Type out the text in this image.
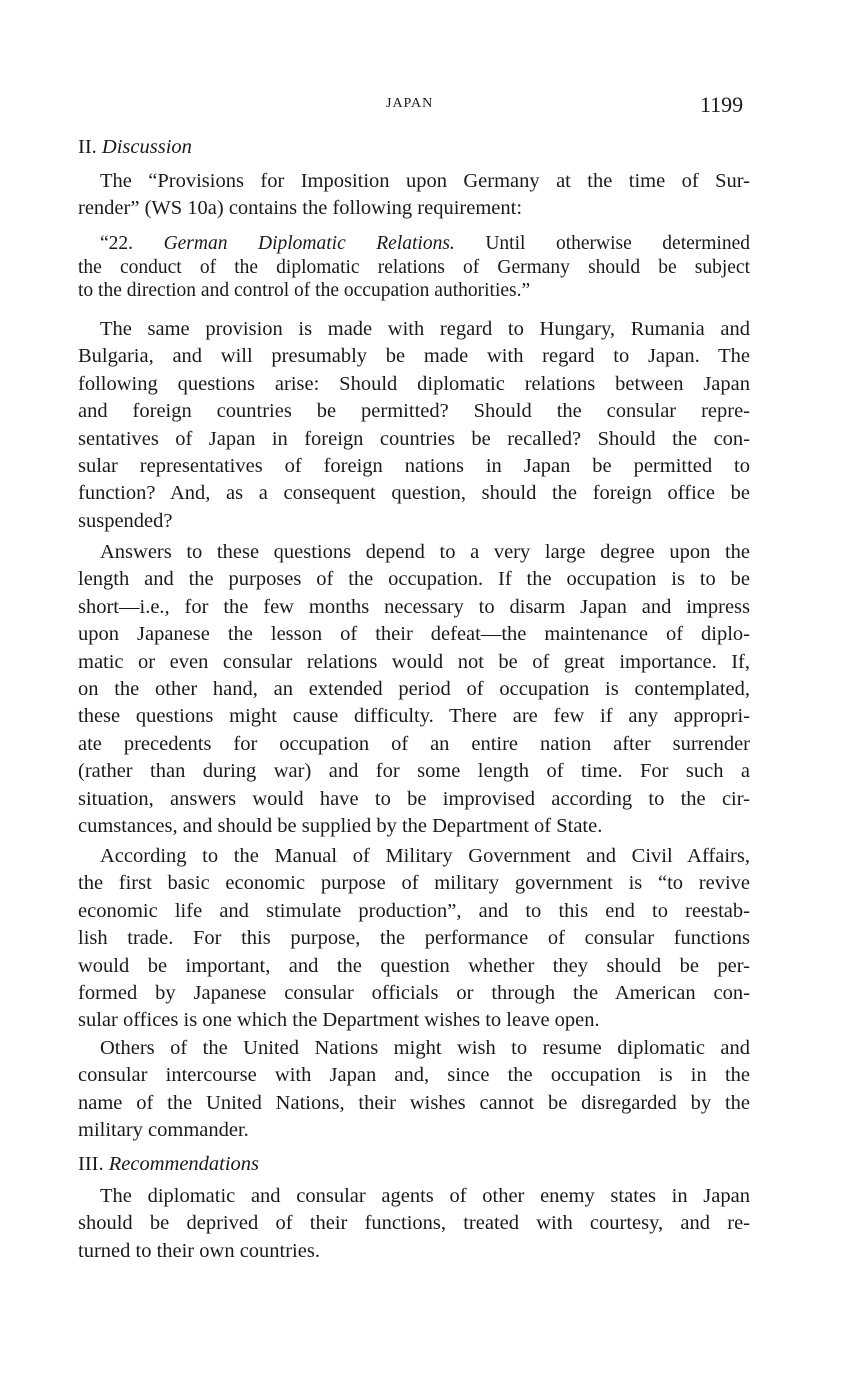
JAPAN	1199
II. Discussion
The “Provisions for Imposition upon Germany at the time of Sur-
render” (WS 10a) contains the following requirement:
“22. German Diplomatic Relations. Until otherwise determined
the conduct of the diplomatic relations of Germany should be subject
to the direction and control of the occupation authorities.”
The same provision is made with regard to Hungary, Rumania and
Bulgaria, and will presumably be made with regard to Japan. The
following questions arise: Should diplomatic relations between Japan
and foreign countries be permitted? Should the consular repre-
sentatives of Japan in foreign countries be recalled? Should the con-
sular representatives of foreign nations in Japan be permitted to
function? And, as a consequent question, should the foreign office be
suspended?
Answers to these questions depend to a very large degree upon the
length and the purposes of the occupation. If the occupation is to be
short—i.e., for the few months necessary to disarm Japan and impress
upon Japanese the lesson of their defeat—the maintenance of diplo-
matic or even consular relations would not be of great importance. If,
on the other hand, an extended period of occupation is contemplated,
these questions might cause difficulty. There are few if any appropri-
ate precedents for occupation of an entire nation after surrender
(rather than during war) and for some length of time. For such a
situation, answers would have to be improvised according to the cir-
cumstances, and should be supplied by the Department of State.
According to the Manual of Military Government and Civil Affairs,
the first basic economic purpose of military government is “to revive
economic life and stimulate production”, and to this end to reestab-
lish trade. For this purpose, the performance of consular functions
would be important, and the question whether they should be per-
formed by Japanese consular officials or through the American con-
sular offices is one which the Department wishes to leave open.
Others of the United Nations might wish to resume diplomatic and
consular intercourse with Japan and, since the occupation is in the
name of the United Nations, their wishes cannot be disregarded by the
military commander.
III. Recommendations
The diplomatic and consular agents of other enemy states in Japan
should be deprived of their functions, treated with courtesy, and re-
turned to their own countries.
